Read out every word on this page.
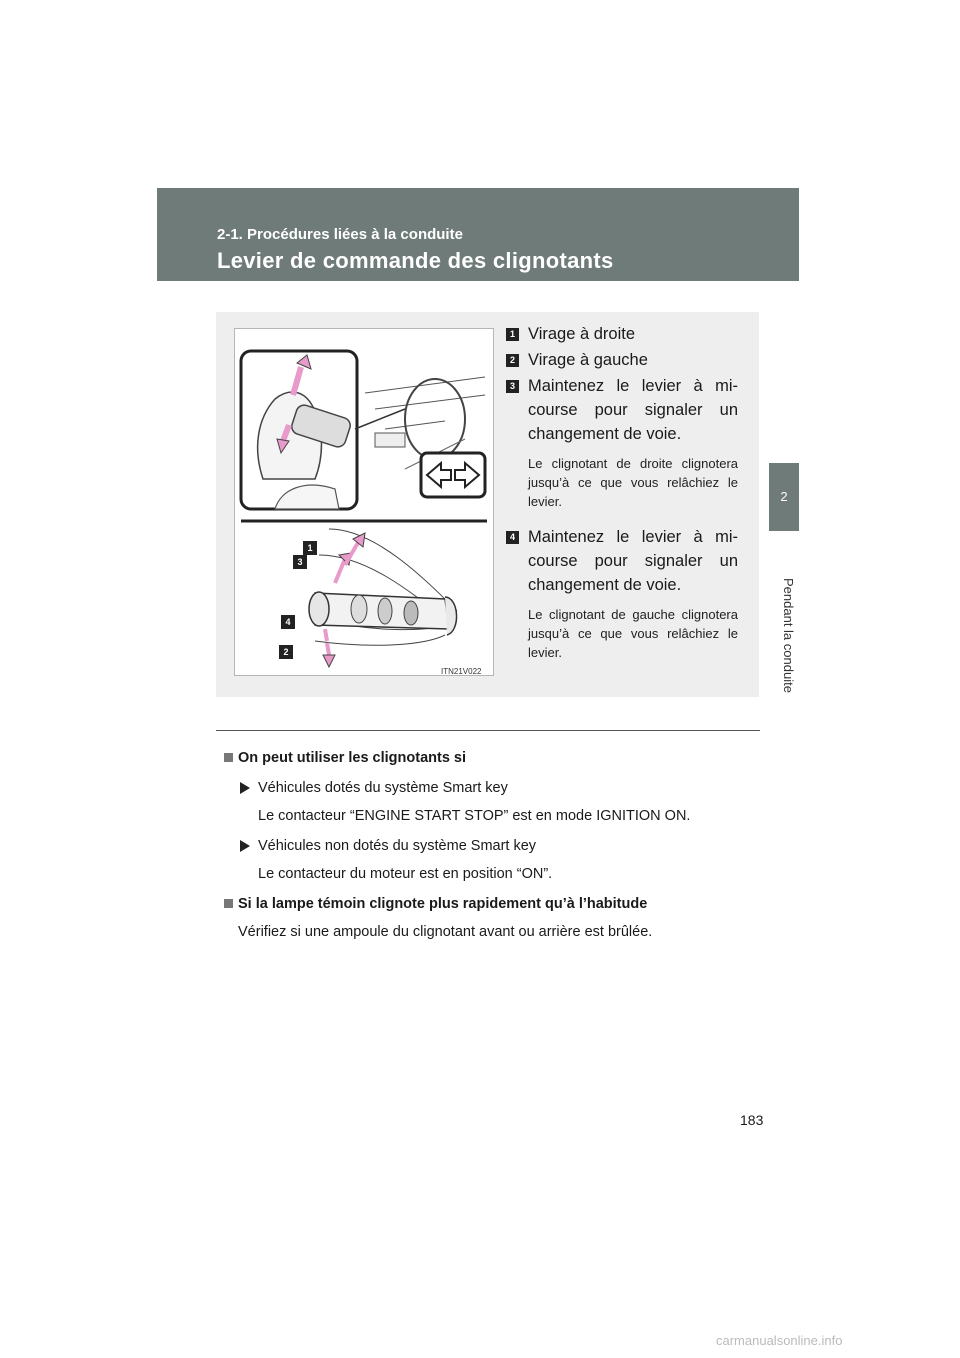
2-1. Procédures liées à la conduite
Levier de commande des clignotants
2
Pendant la conduite
1
3
4
2
ITN21V022
1 Virage à droite
2 Virage à gauche
3 Maintenez le levier à mi-course pour signaler un changement de voie.
Le clignotant de droite clignotera jusqu’à ce que vous relâchiez le levier.
4 Maintenez le levier à mi-course pour signaler un changement de voie.
Le clignotant de gauche clignotera jusqu’à ce que vous relâchiez le levier.
On peut utiliser les clignotants si
Véhicules dotés du système Smart key
Le contacteur “ENGINE START STOP” est en mode IGNITION ON.
Véhicules non dotés du système Smart key
Le contacteur du moteur est en position “ON”.
Si la lampe témoin clignote plus rapidement qu’à l’habitude
Vérifiez si une ampoule du clignotant avant ou arrière est brûlée.
183
carmanualsonline.info
